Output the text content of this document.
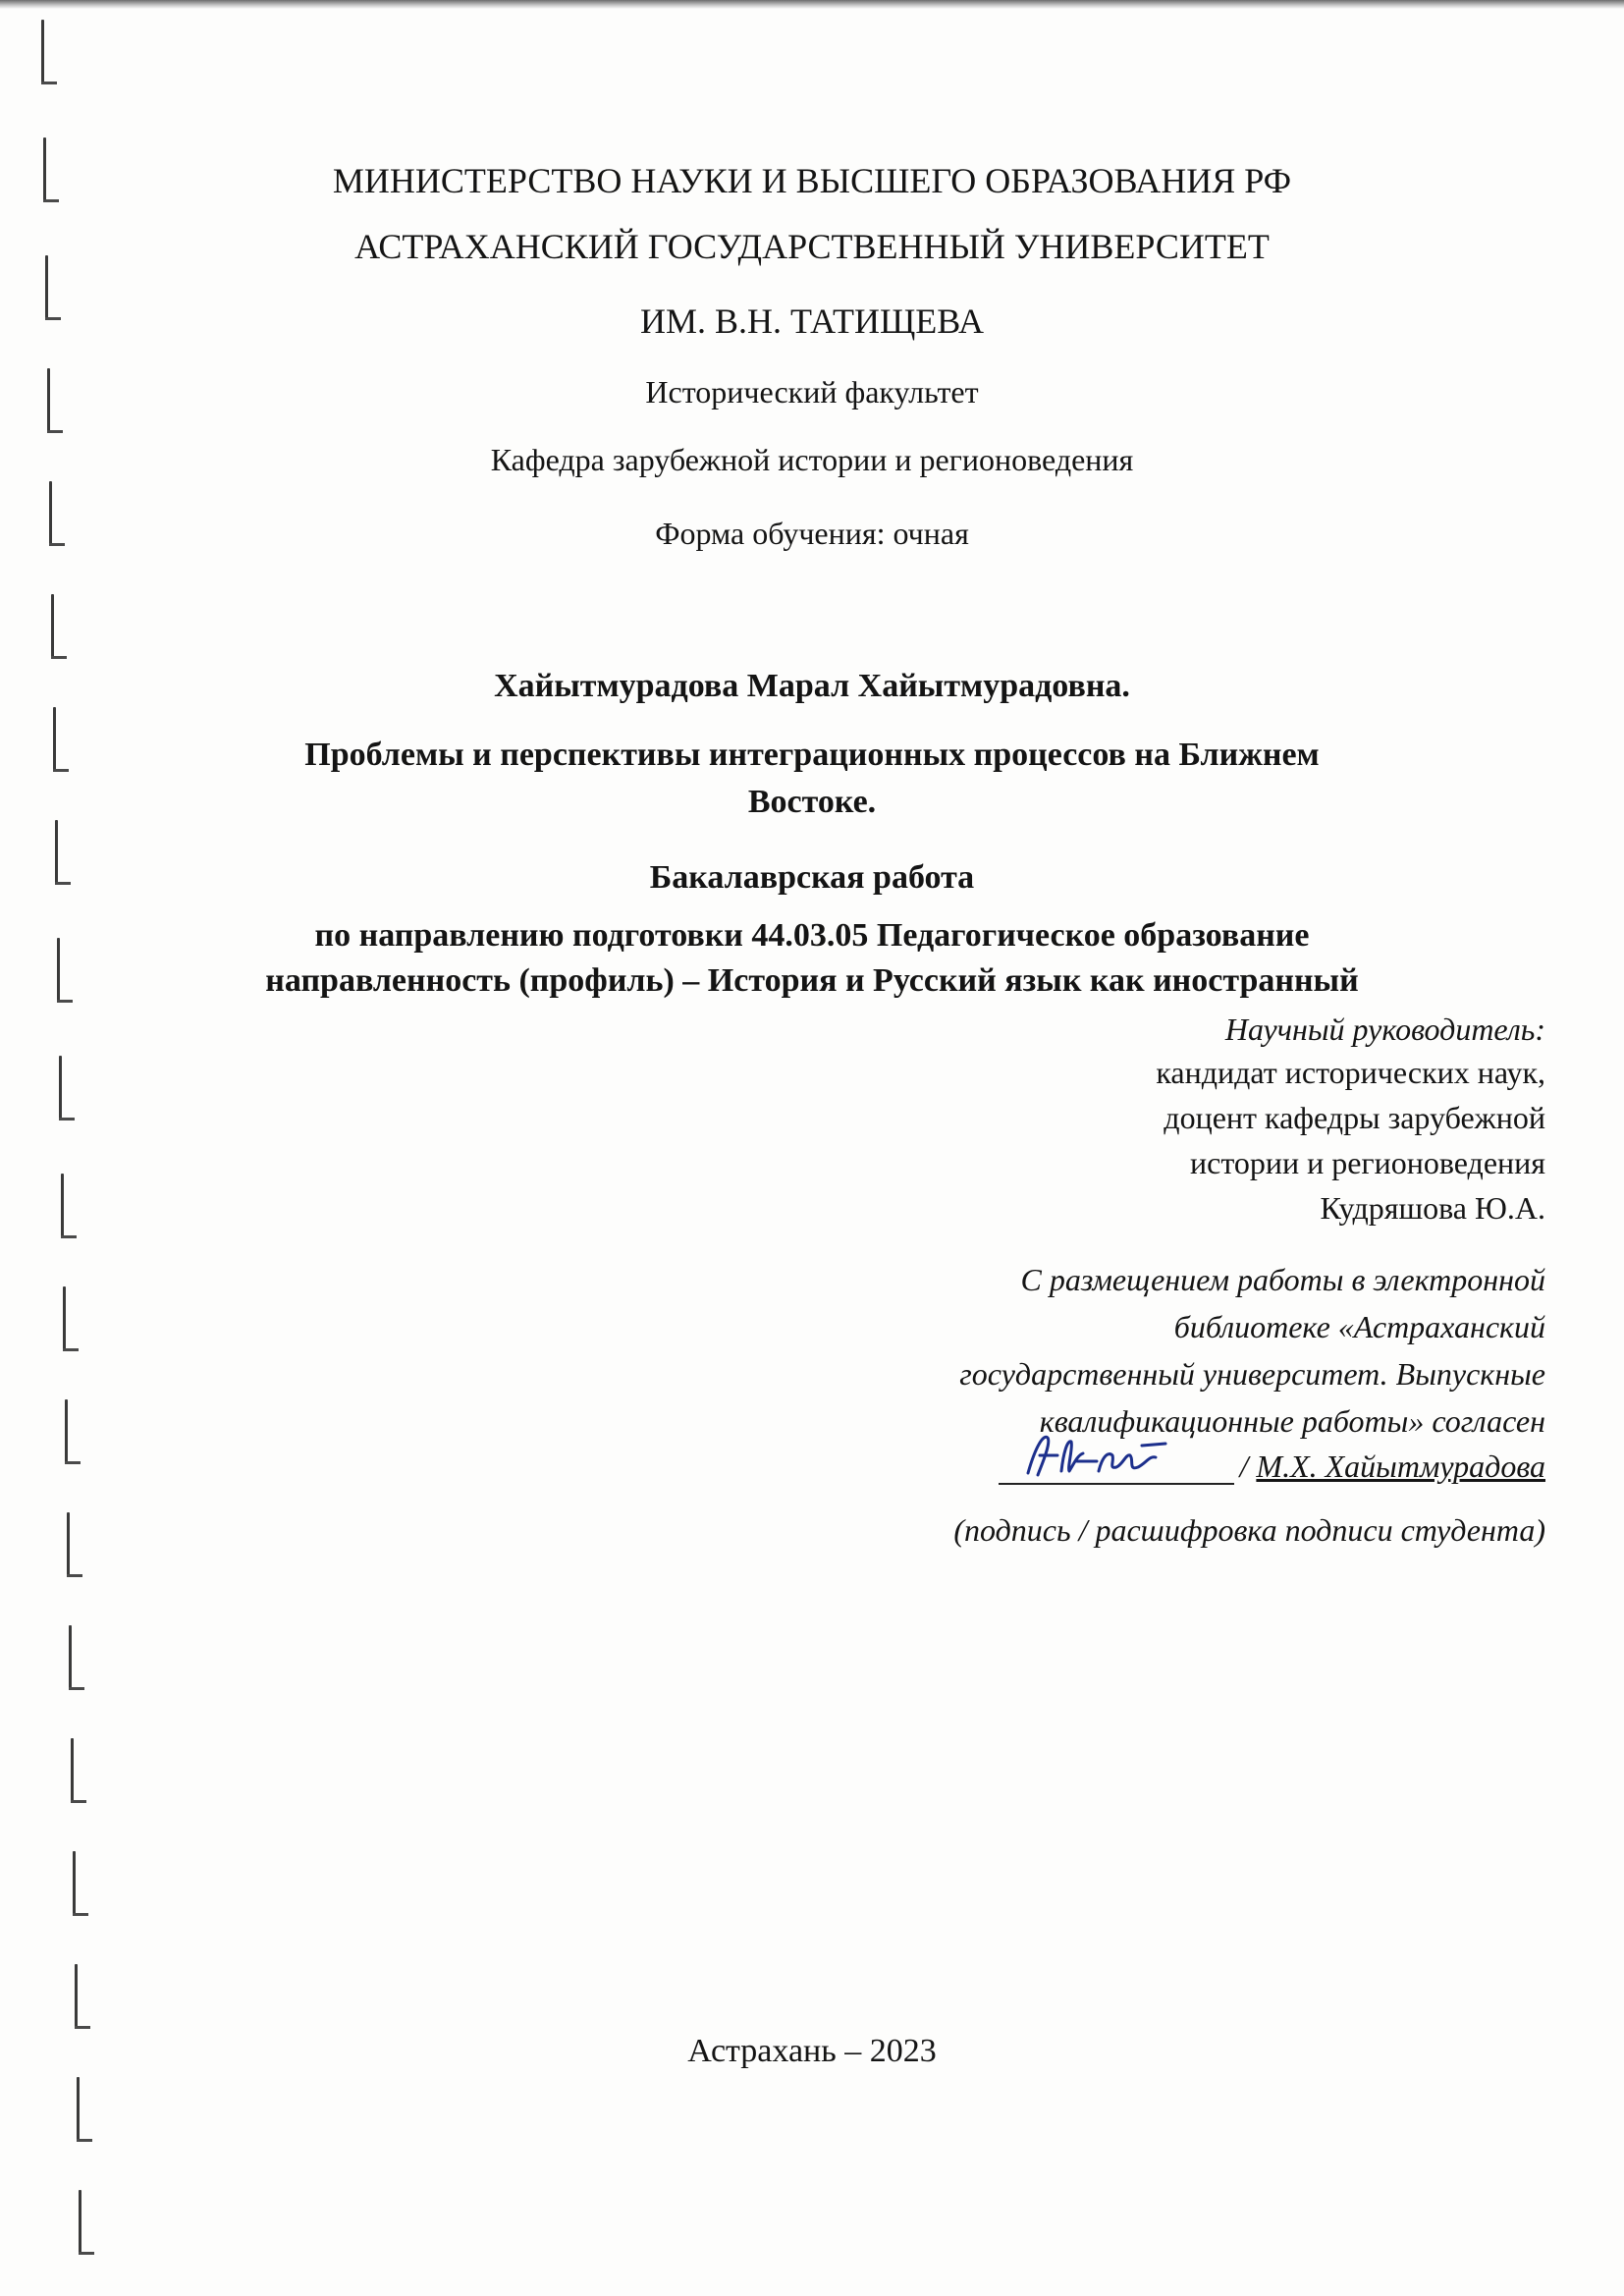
МИНИСТЕРСТВО НАУКИ И ВЫСШЕГО ОБРАЗОВАНИЯ РФ
АСТРАХАНСКИЙ ГОСУДАРСТВЕННЫЙ УНИВЕРСИТЕТ
ИМ. В.Н. ТАТИЩЕВА
Исторический факультет
Кафедра зарубежной истории и регионоведения
Форма обучения: очная
Хайытмурадова Марал Хайытмурадовна.
Проблемы и перспективы интеграционных процессов на Ближнем
Востоке.
Бакалаврская работа
по направлению подготовки 44.03.05 Педагогическое образование
направленность (профиль) – История и Русский язык как иностранный
Научный руководитель:
кандидат исторических наук,
доцент кафедры зарубежной
истории и регионоведения
Кудряшова Ю.А.
С размещением работы в электронной
библиотеке «Астраханский
государственный университет. Выпускные
квалификационные работы» согласен
/ М.Х. Хайытмурадова
(подпись / расшифровка подписи студента)
Астрахань – 2023
